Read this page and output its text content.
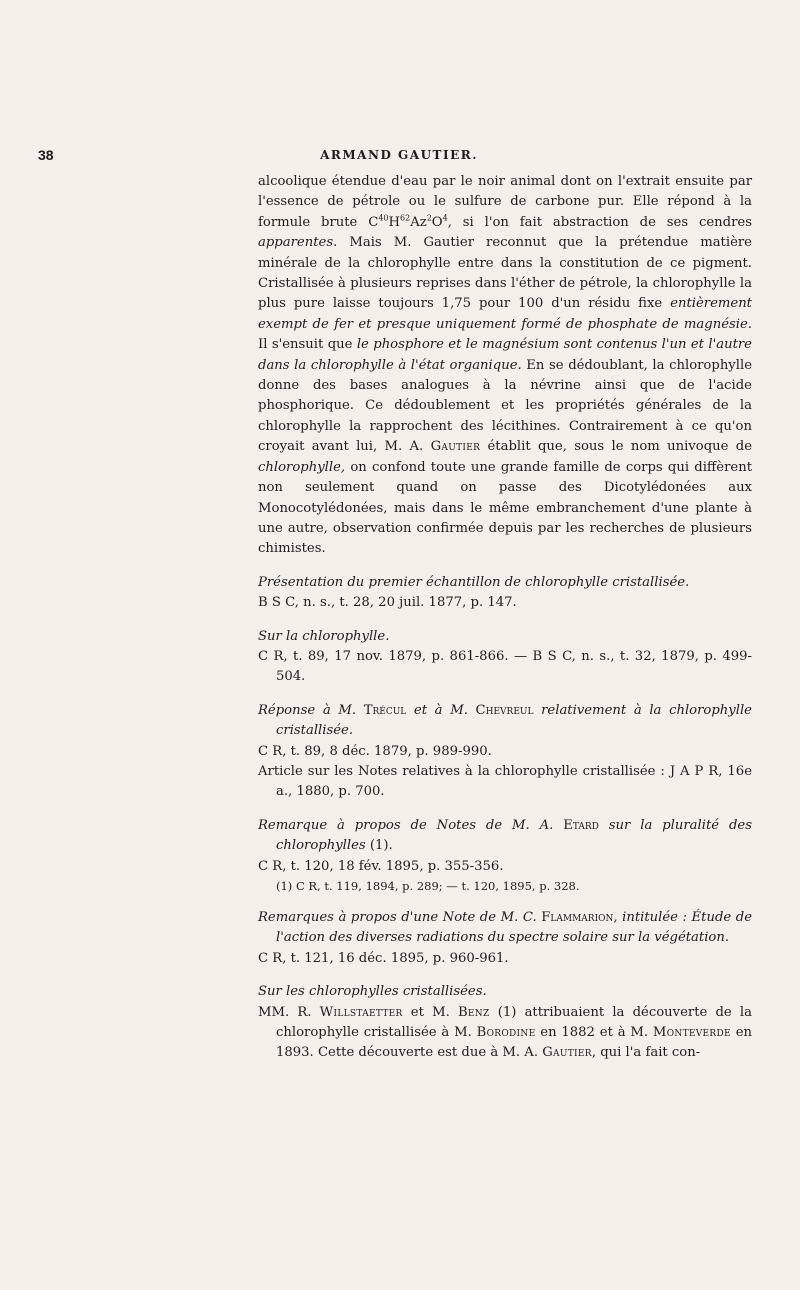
38	ARMAND GAUTIER.

alcoolique étendue d'eau par le noir animal dont on l'extrait ensuite par l'essence de pétrole ou le sulfure de carbone pur. Elle répond à la formule brute $C^{40}H^{62}Az^2O^4$, si l'on fait abstraction de ses cendres apparentes. Mais M. Gautier reconnut que la prétendue matière minérale de la chlorophylle entre dans la constitution de ce pigment. Cristallisée à plusieurs reprises dans l'éther de pétrole, la chlorophylle la plus pure laisse toujours 1,75 pour 100 d'un résidu fixe entièrement exempt de fer et presque uniquement formé de phosphate de magnésie. Il s'ensuit que le phosphore et le magnésium sont contenus l'un et l'autre dans la chlorophylle à l'état organique. En se dédoublant, la chlorophylle donne des bases analogues à la névrine ainsi que de l'acide phosphorique. Ce dédoublement et les propriétés générales de la chlorophylle la rapprochent des lécithines. Contrairement à ce qu'on croyait avant lui, M. A. Gautier établit que, sous le nom univoque de chlorophylle, on confond toute une grande famille de corps qui diffèrent non seulement quand on passe des Dicotylédonées aux Monocotylédonées, mais dans le même embranchement d'une plante à une autre, observation confirmée depuis par les recherches de plusieurs chimistes.

Présentation du premier échantillon de chlorophylle cristallisée.

B S C, n. s., t. 28, 20 juil. 1877, p. 147.

Sur la chlorophylle.

C R, t. 89, 17 nov. 1879, p. 861-866. — B S C, n. s., t. 32, 1879, p. 499-504.

Réponse à M. Trécul et à M. Chevreul relativement à la chlorophylle cristallisée.

C R, t. 89, 8 déc. 1879, p. 989-990.

Article sur les Notes relatives à la chlorophylle cristallisée : J A P R, 16e a., 1880, p. 700.

Remarque à propos de Notes de M. A. Etard sur la pluralité des chlorophylles (1).

C R, t. 120, 18 fév. 1895, p. 355-356.

(1) C R, t. 119, 1894, p. 289; — t. 120, 1895, p. 328.

Remarques à propos d'une Note de M. C. Flammarion, intitulée : Étude de l'action des diverses radiations du spectre solaire sur la végétation.

C R, t. 121, 16 déc. 1895, p. 960-961.

Sur les chlorophylles cristallisées.

MM. R. Willstaetter et M. Benz (1) attribuaient la découverte de la chlorophylle cristallisée à M. Borodine en 1882 et à M. Monteverde en 1893. Cette découverte est due à M. A. Gautier, qui l'a fait con-
